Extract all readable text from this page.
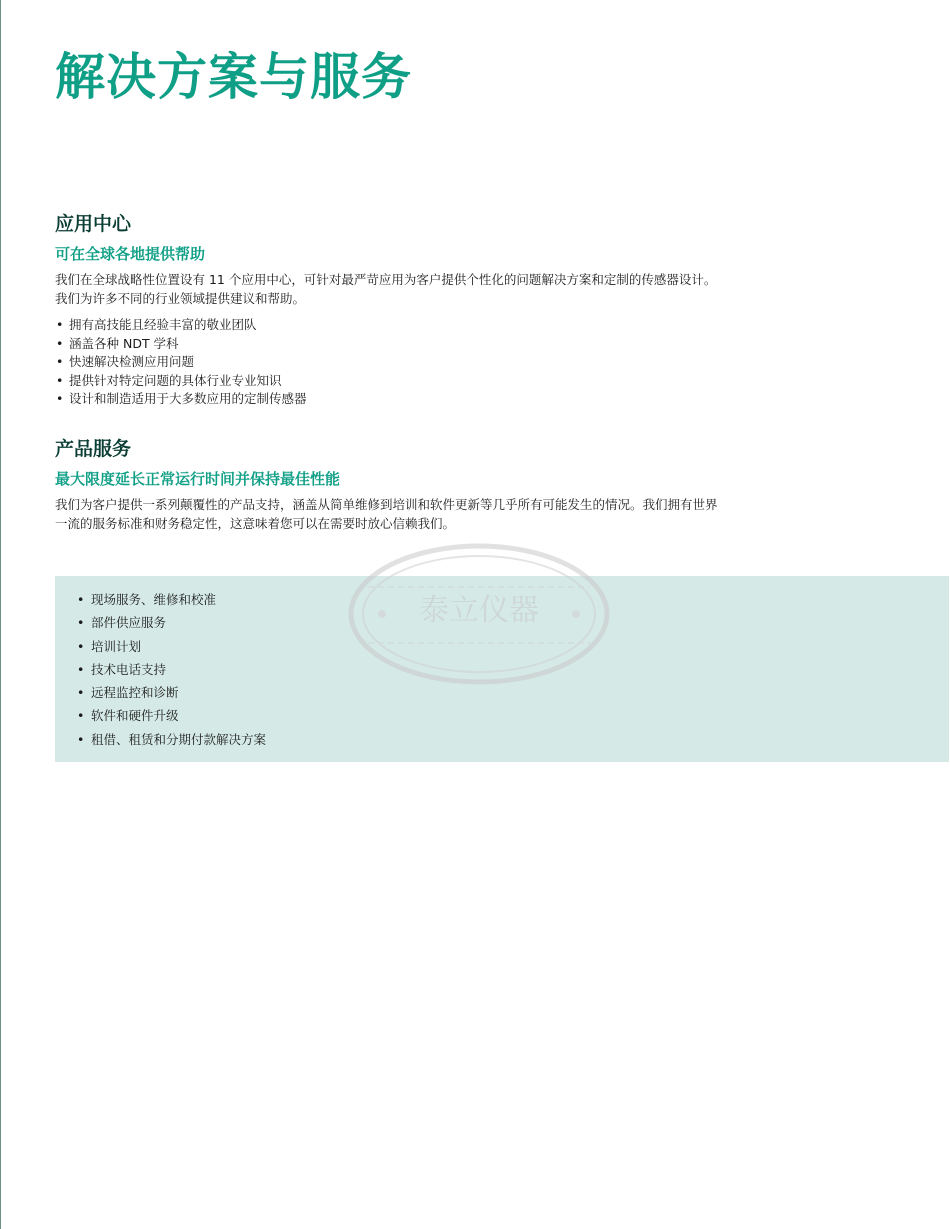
解决方案与服务
应用中心
可在全球各地提供帮助

我们在全球战略性位置设有 11 个应用中心，可针对最严苛应用为客户提供个性化的问题解决方案和定制的传感器设计。

我们为许多不同的行业领域提供建议和帮助。

• 拥有高技能且经验丰富的敬业团队
• 涵盖各种 NDT 学科
• 快速解决检测应用问题
• 提供针对特定问题的具体行业专业知识
• 设计和制造适用于大多数应用的定制传感器
产品服务
最大限度延长正常运行时间并保持最佳性能

我们为客户提供一系列颠覆性的产品支持，涵盖从简单维修到培训和软件更新等几乎所有可能发生的情况。我们拥有世界

一流的服务标准和财务稳定性，这意味着您可以在需要时放心信赖我们。

• 现场服务、维修和校准
• 部件供应服务
• 培训计划
• 技术电话支持
• 远程监控和诊断
• 软件和硬件升级
• 租借、租赁和分期付款解决方案
泰立仪器
